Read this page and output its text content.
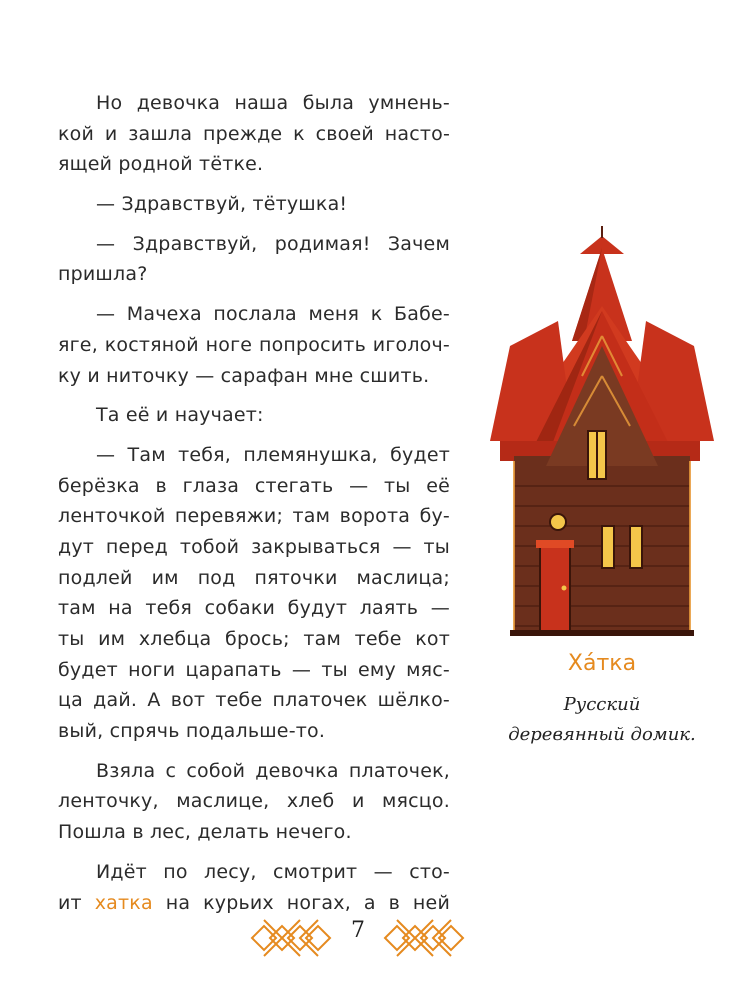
Но девочка наша была умнень-
кой и зашла прежде к своей насто-
ящей родной тётке.
— Здравствуй, тётушка!
— Здравствуй, родимая! Зачем
пришла?
— Мачеха послала меня к Бабе-
яге, костяной ноге попросить иголоч-
ку и ниточку — сарафан мне сшить.
Та её и научает:
— Там тебя, племянушка, будет
берёзка в глаза стегать — ты её
ленточкой перевяжи; там ворота бу-
дут перед тобой закрываться — ты
подлей им под пяточки маслица;
там на тебя собаки будут лаять —
ты им хлебца брось; там тебе кот
будет ноги царапать — ты ему мяс-
ца дай. А вот тебе платочек шёлко-
вый, спрячь подальше-то.
Взяла с собой девочка платочек,
ленточку, маслице, хлеб и мясцо.
Пошла в лес, делать нечего.
Идёт по лесу, смотрит — сто-
ит хатка на курьих ногах, а в ней
Ха́тка
Русский
деревянный домик.
7
